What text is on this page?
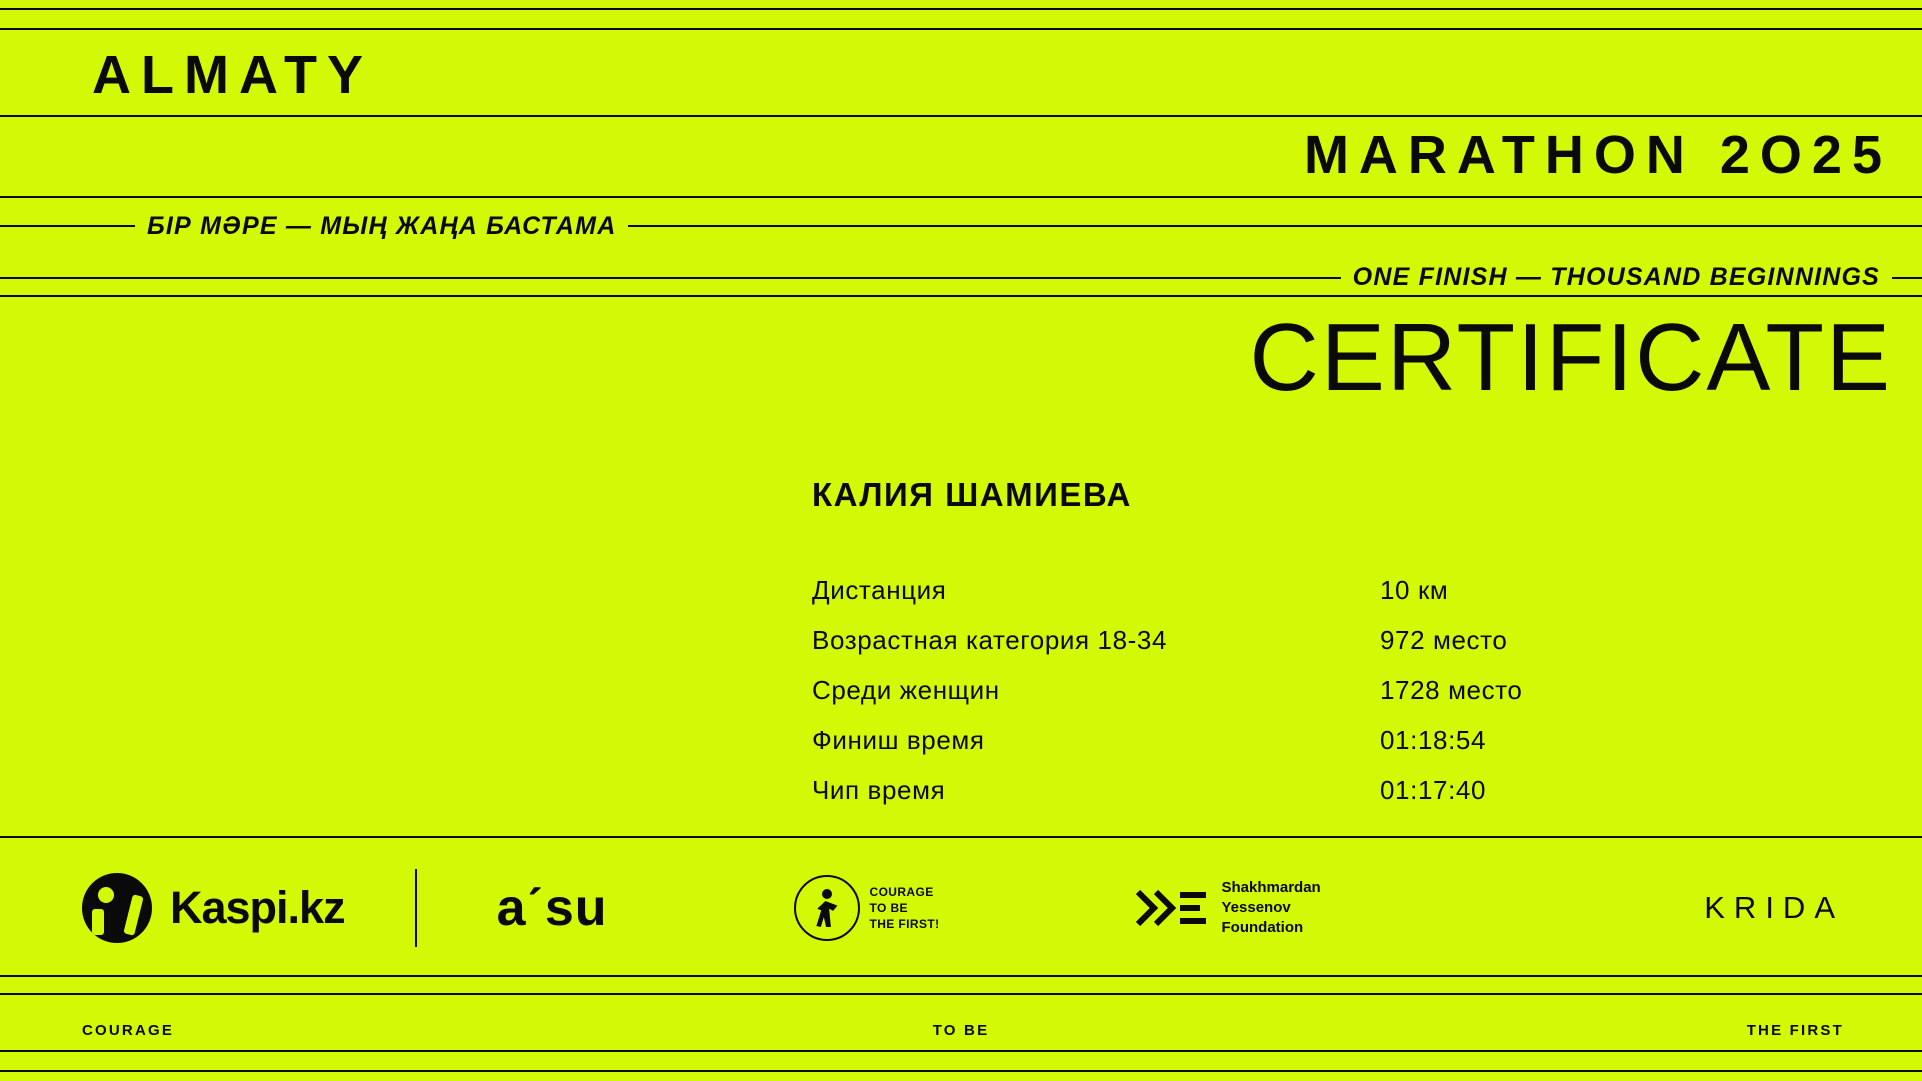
ALMATY
MARATHON 2O25
БІР МӘРЕ — МЫҢ ЖАҢА БАСТАМА
ONE FINISH — THOUSAND BEGINNINGS
CERTIFICATE
КАЛИЯ ШАМИЕВА
Дистанция	10 км
Возрастная категория 18-34	972 место
Среди женщин	1728 место
Финиш время	01:18:54
Чип время	01:17:40
Kaspi.kz	aˊsu	COURAGE
TO BE
THE FIRST!
Shakhmardan
Yessenov
Foundation
KRIDA
COURAGE	TO BE	THE FIRST
